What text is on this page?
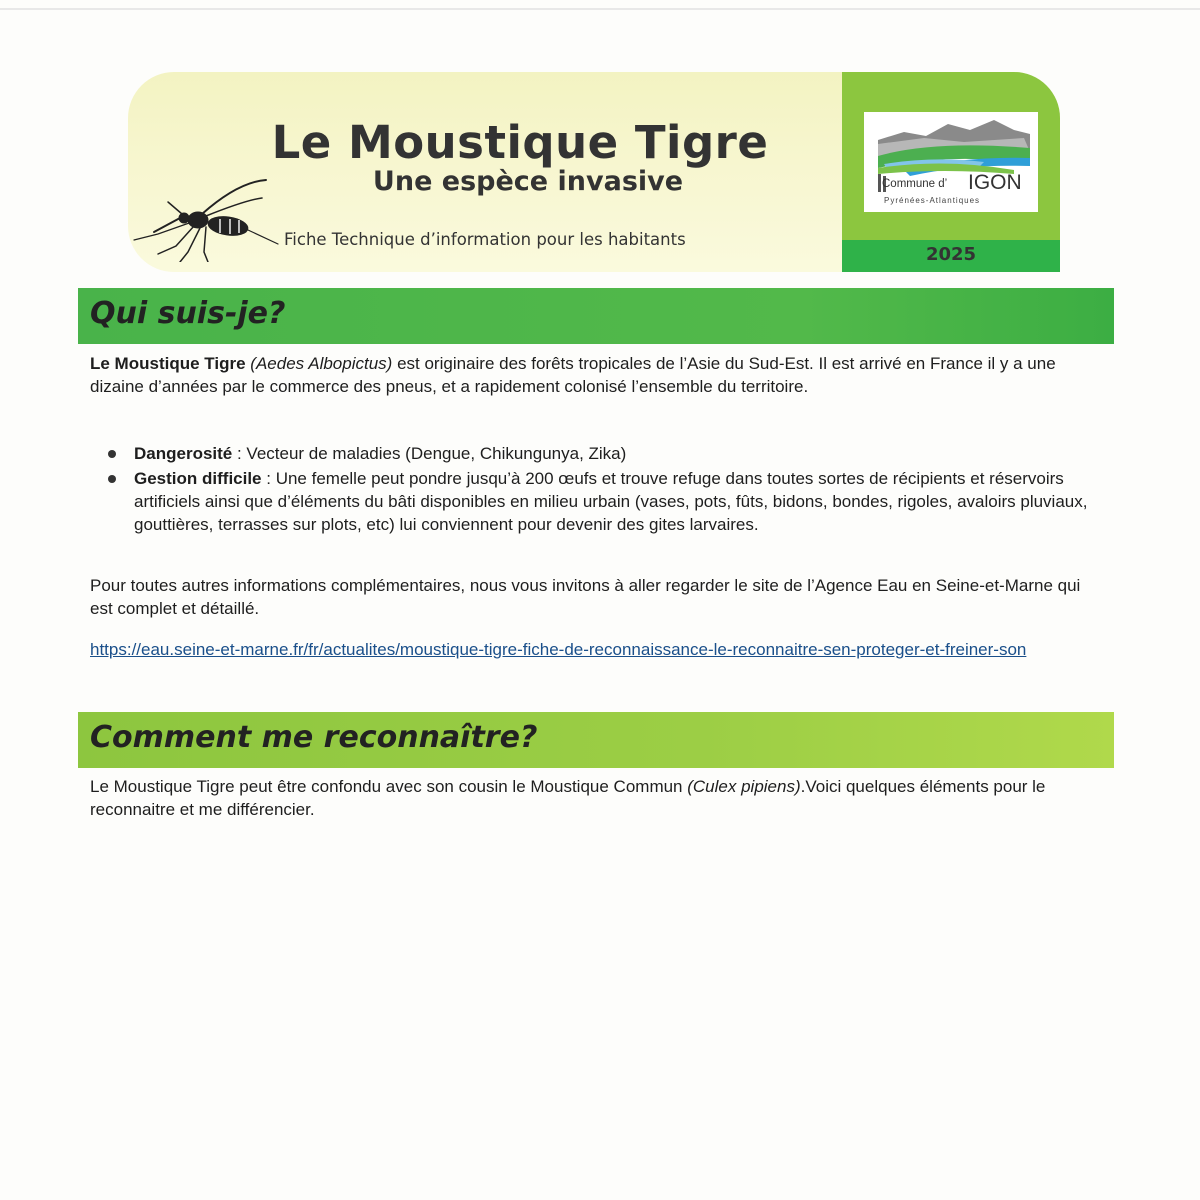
Le Moustique Tigre
Une espèce invasive
Fiche Technique d’information pour les habitants
Commune d’ IGON
Pyrénées-Atlantiques
2025
Qui suis-je?
Le Moustique Tigre (Aedes Albopictus) est originaire des forêts tropicales de l’Asie du Sud-Est. Il est arrivé en France il y a une dizaine d’années par le commerce des pneus, et a rapidement colonisé l’ensemble du territoire.
Dangerosité : Vecteur de maladies (Dengue, Chikungunya, Zika)
Gestion difficile : Une femelle peut pondre jusqu’à 200 œufs et trouve refuge dans toutes sortes de récipients et réservoirs artificiels ainsi que d’éléments du bâti disponibles en milieu urbain (vases, pots, fûts, bidons, bondes, rigoles, avaloirs pluviaux, gouttières, terrasses sur plots, etc) lui conviennent pour devenir des gites larvaires.
Pour toutes autres informations complémentaires, nous vous invitons à aller regarder le site de l’Agence Eau en Seine-et-Marne qui est complet et détaillé.
https://eau.seine-et-marne.fr/fr/actualites/moustique-tigre-fiche-de-reconnaissance-le-reconnaitre-sen-proteger-et-freiner-son
Comment me reconnaître?
Le Moustique Tigre peut être confondu avec son cousin le Moustique Commun (Culex pipiens).Voici quelques éléments pour le reconnaitre et me différencier.
